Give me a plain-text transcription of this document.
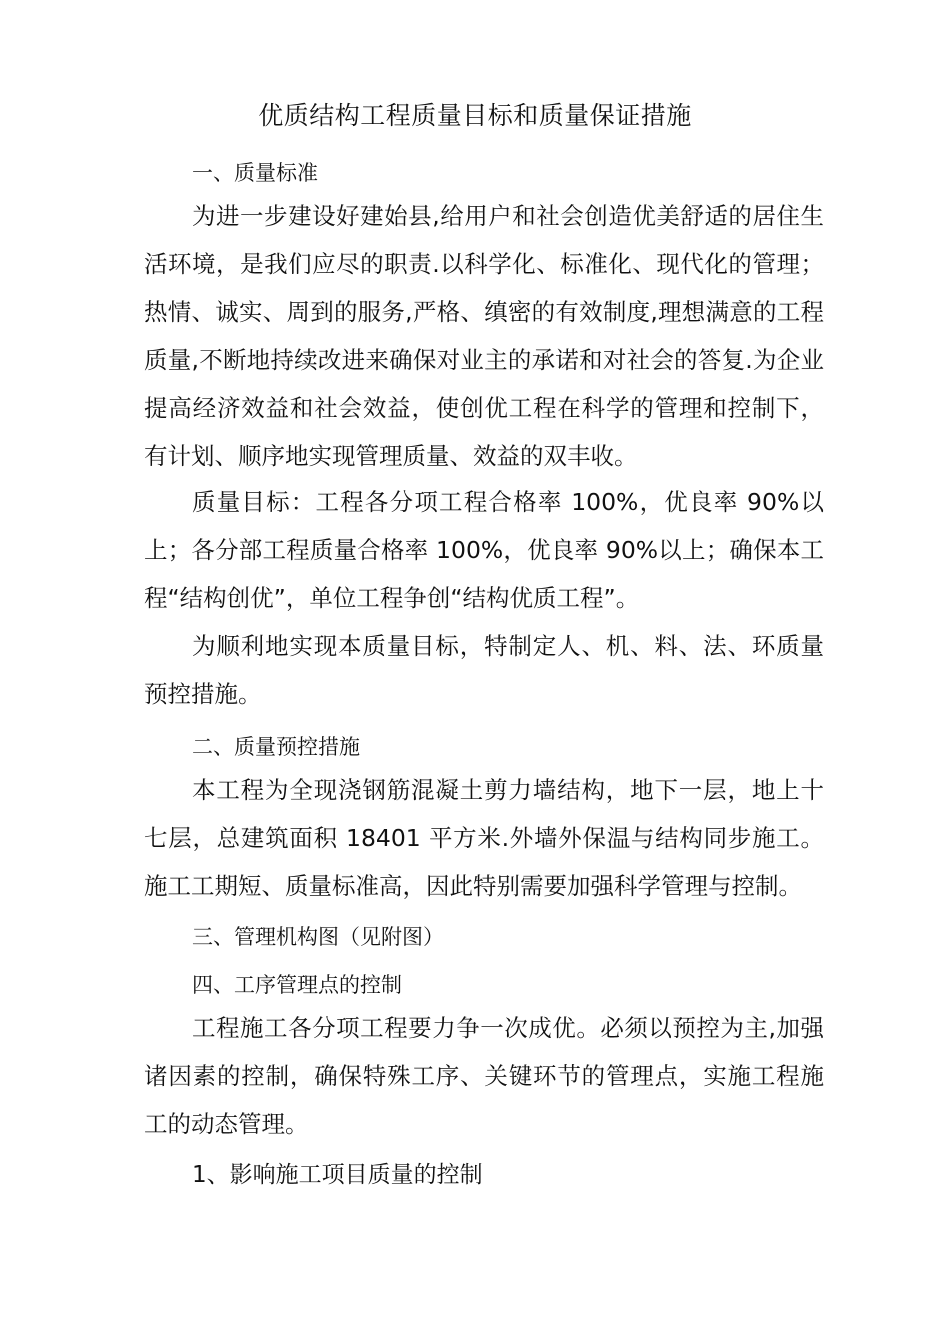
优质结构工程质量目标和质量保证措施
一、质量标准

为进一步建设好建始县,给用户和社会创造优美舒适的居住生活环境，是我们应尽的职责.以科学化、标准化、现代化的管理；热情、诚实、周到的服务,严格、缜密的有效制度,理想满意的工程质量,不断地持续改进来确保对业主的承诺和对社会的答复.为企业提高经济效益和社会效益，使创优工程在科学的管理和控制下，有计划、顺序地实现管理质量、效益的双丰收。

质量目标：工程各分项工程合格率 100%，优良率 90%以上；各分部工程质量合格率 100%，优良率 90%以上；确保本工程“结构创优”，单位工程争创“结构优质工程”。

为顺利地实现本质量目标，特制定人、机、料、法、环质量预控措施。

二、质量预控措施

本工程为全现浇钢筋混凝土剪力墙结构，地下一层，地上十七层，总建筑面积 18401 平方米.外墙外保温与结构同步施工。施工工期短、质量标准高，因此特别需要加强科学管理与控制。

三、管理机构图（见附图）
四、工序管理点的控制

工程施工各分项工程要力争一次成优。必须以预控为主,加强诸因素的控制，确保特殊工序、关键环节的管理点，实施工程施工的动态管理。

1、影响施工项目质量的控制
